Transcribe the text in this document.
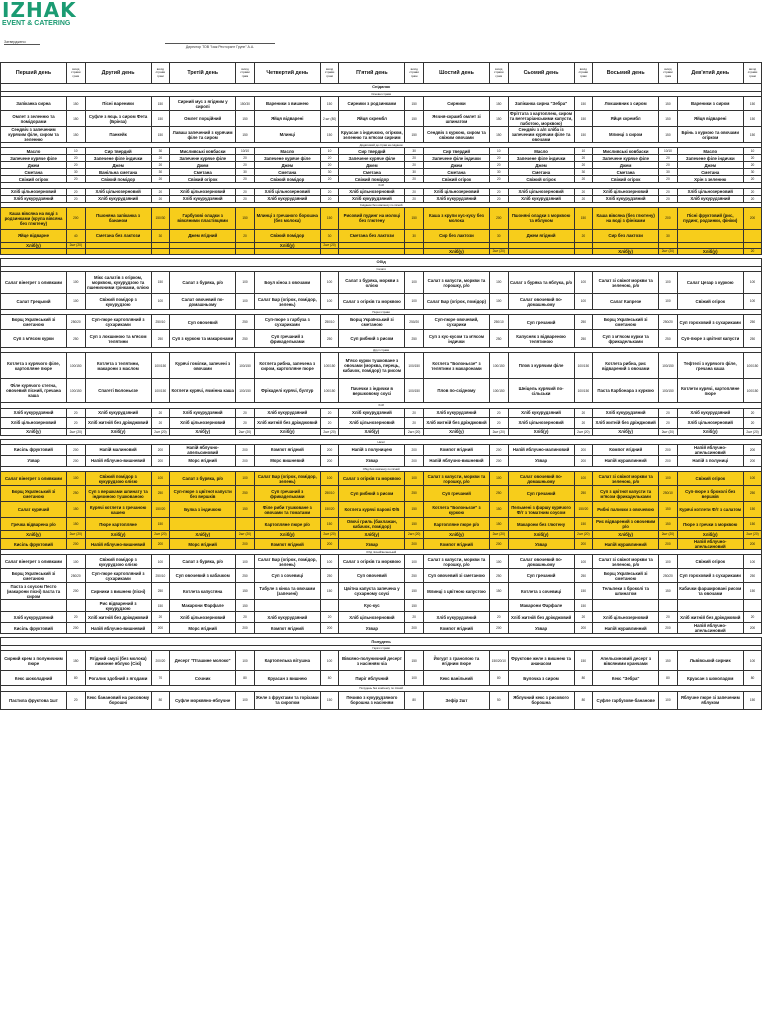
IZHAK
EVENT & CATERING
Затвердженo:
Директор ТОВ "Ізак Ресторант Групп" А.А.
Перший день	вихід страви грам	Другий день	вихід страви грам	Третій день	вихід страви грам	Четвертий день	вихід страви грам	П'ятий день	вихід страви грам	Шостий день	вихід страви грам	Сьомий день	вихід страви грам	Восьмий день	вихід страви грам	Дев'ятий день	вихід страви грам
Сніданок																	
Основні страви																	
Запіканка сирна	150	Пісні вареники	150	Сирний мус з ягідним у сиропі	150/30	Вареники з вишнею	150	Сирники з родзинками	150	Сирники	150	Запіканка сирна "Зебра"	150	Локшивник з сиром	150	Вареники з сиром	150
Омлет з зеленню та помідорами	150	Суфле з яєць з сиром Фета (Брінза)	150	Омлет порційний	150	Яйця відварені	2 шт (80)	Яйця скрембл	150	Яєчня-скрамб омлет зі шпинатом	150	Фріттата з картоплею, сиром та вегетаріанськими капусти, паботою, морквою)	150	Яйця скрембл	150	Яйця відварені	150
Сендвіч з запеченим курячим філе, сиром та зеленню	150	Панкейк	150	Лаваш запечений з курячим філе та сиром	150	Млинці	150	Круасан з індичкою, огірком, зеленню та м'ясом сирним	150	Сендвіч з куркою, сиром та свіжим овочами	150	Сендвіч з а/л хліба із запеченим курячим філе та овочами	150	Млинці з сиром	150	Брінь з куркою та овочами огірком	150
Додатковий до страв на сніданок																	
Масло	10	Сир твердий	30	Мисливські ковбаски	10/10	Масло	10	Сир твердий	30	Сир твердий	10	Масло	10	Мисливські ковбаски	10/10	Масло	10
Запечене куряче філе	20	Запечене філе індички	20	Запечене куряче філе	20	Запечене куряче філе	20	Запечене куряче філе	20	Запечене філе індички	20	Запечене філе індички	20	Запечене куряче філе	20	Запечене філе індички	20
Джем	20	Джем	20	Джем	20	Джем	20	Джем	20	Джем	20	Джем	20	Джем	20	Джем	20
Сметана	30	Ванільна сметана	30	Сметана	30	Сметана	30	Сметана	30	Сметана	30	Сметана	30	Сметана	30	Сметана	30
Свіжий огірок	20	Свіжий помідор	20	Свіжий огірок	20	Свіжий помідор	20	Свіжий помідор	20	Свіжий огірок	20	Свіжий огірок	20	Свіжий огірок	20	Хрін з зеленню	20
Хліб																	
Хліб цільнозерновий	20	Хліб цільнозерновий	20	Хліб цільнозерновий	20	Хліб цільнозерновий	20	Хліб цільнозерновий	20	Хліб цільнозерновий	20	Хліб цільнозерновий	20	Хліб цільнозерновий	20	Хліб цільнозерновий	20
Хліб кукурудзяний	20	Хліб кукурудзяний	20	Хліб кукурудзяний	20	Хліб кукурудзяний	20	Хліб кукурудзяний	20	Хліб кукурудзяний	20	Хліб кукурудзяний	20	Хліб кукурудзяний	20	Хліб кукурудзяний	20
Сніданок без компенсу по пісний																	
Каша вівсяна на воді з родзинками (крупа вівсяна без глютену)	200	Пшоняна запіканка з бананом	150/30	Гарбузові оладки з вівсяними пластівцями	150	Млинці з гречаного борошна (без молока)	150	Рисовий пудинг на молоці без глютену	150	Каша з крупи кус-кусу без молока	200	Пшоняні оладки з морквою та яблуком	150	Каша вівсяна (без глютену) на воді з фініками	200	Пісні фруктовий (рис, пудинг, родзинки, фініки)	200
Яйце відварне	40	Сметана без лактози	30	Джем ягідний	20	Свіжий помідор	30	Сметана без лактози	30	Сир без лактози	30	Джем ягідний	20	Сир без лактози	30		
Хліб(у)	2шт (20)					Хліб(у)	2шт (20)										
										Хліб(у)	2шт (20)			Хліб(у)	2шт (20)	Хліб(у)	20

Обід																	
Салати																	
Салат вінегрет з оливками	100	Мікс салатів з огірком, морквою, кукурудзою та пшеничними грінками, олією	150	Салат з буряка, р/о	100	Боул кіноа з овочами	100	Салат з буряка, моркви з олією	100	Салат з капусти, моркви та горошку, р/о	100	Салат з буряка та яблука, р/о	100	Салат зі свіжої моркви та зеленою, р/о	100	Салат Цезар з куркою	100
Салат Грецький	100	Свіжий помідор з кукурудзою	100	Салат овочевий по-домашньому	100	Салат Бар (огірок, помідор, зелень)	100	Салат з огірків та морквою	100	Салат Бар (огірок, помідор)	100	Салат овочевий по-домашньому	100	Салат Капрезе	100	Свіжий огірок	100
Перші страви																	
Борщ Український зі сметаною	250/20	Суп-пюре картопляний з сухариками	250/10	Суп овочевий	250	Суп-пюре з гарбуза з сухариками	250/10	Борщ Український зі сметаною	250/20	Суп-пюре овочевий, сухарики	250/10	Суп гречаний	250	Борщ Український зі сметаною	250/20	Суп гороховий з сухариками	250
Суп з м'ясом курки	250	Суп з локшиною та м'ясом телятини	250	Суп з куркою та макаронами	250	Суп гречаний з фрикадельками	250	Суп рибний з рисом	250	Суп з кус-кусом та м'ясом індички	250	Капусняк з відвареною телятиною	250	Суп з м'ясом курки та фрикадельками	250	Суп-пюре з цвітної капусти	250
Другі страви																	
Котлета з курячого філе, картопляне пюре	100/150	Котлета з телятини, макарони з маслом	100/150	Курячі гомілки, запечені з овочами	100/150	Котлета рибна, запечена з сиром, картопляне пюре	100/150	М'ясо курки тушковане з овочами (морква, перець, кабачок, помідор) та рисом	100/150	Котлета "Болоньєзе" з телятини з макаронами	100/150	Плов з курячим філе	100/150	Котлета рибна, рис відварений з овочами	100/150	Тефтелі з курячого філе, гречана каша	100/150
Філе курячого стегна, овочевий пісний, гречана каша	100/150	Спагеті Болоньєзе	100/150	Котлети курячі, ячмінна каша	100/150	Фрікаделі курячі, булгур	100/150	Пачечки з індички в вершковому соусі	100/150	Плов по-східному	100/150	Шніцель курячий по-сільськи	100/150	Паста Карбонара з куркою	100/150	Котлети курячі, картопляне пюре	100/150
Хліб																	
Хліб кукурудзяний	20	Хліб кукурудзяний	20	Хліб кукурудзяний	20	Хліб кукурудзяний	20	Хліб кукурудзяний	20	Хліб кукурудзяний	20	Хліб кукурудзяний	20	Хліб кукурудзяний	20	Хліб кукурудзяний	20
Хліб цільнозерновий	20	Хліб житній без дріжджовий	20	Хліб цільнозерновий	20	Хліб житній без дріжджовий	20	Хліб цільнозерновий	20	Хліб житній без дріжджовий	20	Хліб цільнозерновий	20	Хліб житній без дріжджовий	20	Хліб цільнозерновий	20
Хліб(у)	2шт (20)	Хліб(у)	2шт (20)	Хліб(у)	2шт (20)	Хліб(у)	2шт (20)	Хліб(у)	2шт (20)	Хліб(у)	2шт (20)	Хліб(у)	2шт (20)	Хліб(у)	2шт (20)	Хліб(у)	2шт (20)

Напої																	
Кисіль фруктовий	200	Напій малиновий	200	Напій яблучно-апельсиновий	200	Компот ягідний	200	Напій з полуницею	200	Компот ягідний	200	Напій яблучно-малиновий	200	Компот ягідний	200	Напій яблучно-апельсиновий	200
Узвар	200	Напій яблучно-вишневий	200	Морс ягідний	200	Морс вишневий	200	Узвар	200	Напій яблучно-вишневий	200	Узвар	200	Напій журавлинний	200	Напій з полуниці	200
Обід без компенсу по пісний																	
Салат вінегрет з оливками	100	Свіжий помідор з кукурудзою олією	100	Салат з буряка, р/о	100	Салат Бар (огірок, помідор, зелень)	100	Салат з огірків та морквою	100	Салат з капусти, моркви та горошку, р/о	100	Салат овочевий по-домашньому	100	Салат зі свіжої моркви та зеленою, р/о	100	Свіжий огірок	100
Борщ Український зі сметаною	250	Суп з вершками шпинату та індичиною тушкованою	250	Суп-пюре з цвітної капусти без вершків	250	Суп гречаний з фрикадельками	250/10	Суп рибний з рисом	250	Суп гречаний	250	Суп гречаний	250	Суп з цвітної капусти та м'ясом фрикадельками	250/10	Суп-пюре з броколі без вершків	250
Салат курячий	150	Курячі котлети з гречаною кашею	150/20	Булка з індичкою	150	Філе риби тушковане з овочами та томатами	150/20	Котлета курячі парові Ф/5	150	Котлета "Болоньєзе" з куркою	150	Пельмені з фаршу курячого Ф/т з томатним соусом	150/20	Рибні палички з овочевою	150	Курячі котлети Ф/т з салатом	150
Гречка відварена р/о	150	Пюре картопляне	150			Картопляне пюре р/о	150	Овочі гриль (баклажан, кабачок, помідор)	150	Картопляне пюре р/о	150	Макарони без глютену	150	Рис відварений з овочевим р/о	150	Пюре з гречки з морквою	150
Хліб(у)	2шт (20)	Хліб(у)	2шт (20)	Хліб(у)	2шт (20)	Хліб(у)	2шт (20)	Хліб(у)	2шт (20)	Хліб(у)	2шт (20)	Хліб(у)	2шт (20)	Хліб(у)	2шт (20)	Хліб(у)	2шт (20)
Кисіль фруктовий	200	Напій яблучно-вишневий	200	Морс ягідний	200	Компот ягідний	200	Узвар	200	Компот ягідний	200	Узвар	200	Напій журавлинний	200	Напій яблучно-апельсиновий	200
Обід пісний/веганський																	
Салат вінегрет з оливками	100	Свіжий помідор з кукурудзою олією	100	Салат з буряка, р/о	100	Салат Бар (огірок, помідор, зелень)	100	Салат з огірків та морквою	100	Салат з капусти, моркви та горошку, р/о	100	Салат овочевий по-домашньому	100	Салат зі свіжої моркви та зеленою, р/о	100	Свіжий огірок	100
Борщ Український зі сметаною	250/20	Суп-пюре картопляний з сухариками	250/10	Суп овочевий з кабачком	250	Суп з сочевиці	250	Суп овочевий	250	Суп овочевий зі сметаною	250	Суп гречаний	250	Борщ Український зі сметаною	250/20	Суп гороховий з сухариками	250
Паста з соусом Песто (макарони пісні) паста та сиром	200	Сирники з вишнею (пісні)	250	Котлета капустяна	150	Табуле з кіноа та овочами (запечені)	150	Цвітна капуста запечена у сухарному соусі	150	Млинці з цвітною капустою	150	Котлета з сочевиці	150	Тельпеки з броколі та шпинатом	150	Кабачки фаршировані рисом та овочами	150
		Рис відварений з кукурудзою	150	Макарони Фарфале	150			Кус-кус	150			Макарони Фарфале	150				
Хліб кукурудзяний	20	Хліб житній без дріжджовий	20	Хліб цільнозерновий	20	Хліб кукурудзяний	20	Хліб цільнозерновий	20	Хліб кукурудзяний	20	Хліб житній без дріжджовий	20	Хліб цільнозерновий	20	Хліб житній без дріжджовий	20
Кисіль фруктовий	200	Напій яблучно-вишневий	200	Морс ягідний	200	Компот ягідний	200	Узвар	200	Компот ягідний	200	Узвар	200	Напій журавлинний	200	Напій яблучно-апельсиновий	200

Полудень																	
Гарячі страви																	
Сирний крем з полуничним пюре	150	Ягідний смузі (без молока) лимонне яблуко (Сікі)	200/20	Десерт "Пташине молоко"	100	Картопелька вітушна	100	Вівсяно-полуничний десерт з насінням чіа	150	Йогурт з гранолою та ягідним пюре	150/20/10	Фруктове желе з вишнею та ананасом	150	Апельсиновий десерт з вівсяними кранчами	150	Львівський сирник	100
Кекс шоколадний	80	Рогалик здобний з ягодами	70	Сочник	80	Круасан з вишнею	80	Пиріг яблучний	100	Кекс ванільний	80	Булочка з сиром	80	Кекс "Зебра"	80	Круасан з шоколадом	80
Полудень без компенсу по пісний																	
Пастила фруктова 1шт	20	Кекс банановий на рисовому борошні	80	Суфле морквяно-яблучне	100	Желе з фруктами та горіхами та сиропом	150	Печиво з кукурудзяного борошна з насінням	80	Зефір 2шт	50	Яблучний кекс з рисового борошна	80	Суфле гарбузове-бананове	100	Яблучне пюре зі запеченим яблуком	150
